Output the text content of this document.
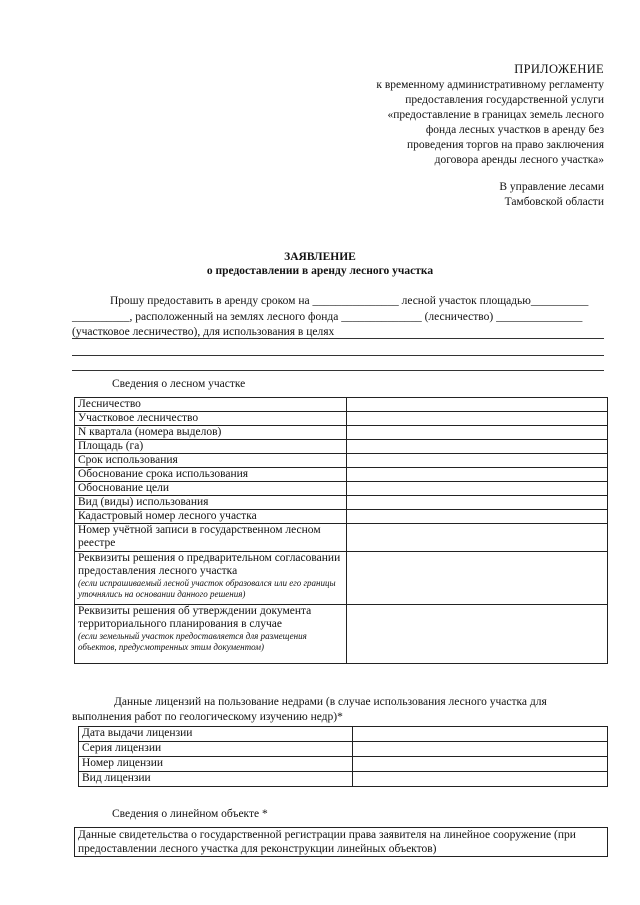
ПРИЛОЖЕНИЕ
к временному административному регламенту
предоставления государственной услуги
«предоставление в границах земель лесного
фонда лесных участков в аренду без
проведения торгов на право заключения
договора аренды лесного участка»
В управление лесами
Тамбовской области
ЗАЯВЛЕНИЕ
о предоставлении в аренду лесного участка
Прошу предоставить в аренду сроком на _______________ лесной участок площадью__________
__________, расположенный на землях лесного фонда ______________ (лесничество) _______________
(участковое лесничество), для использования в целях
Сведения о лесном участке
Лесничество	
Участковое лесничество	
N квартала (номера выделов)	
Площадь (га)	
Срок использования	
Обоснование срока использования	
Обоснование цели	
Вид (виды) использования	
Кадастровый номер лесного участка	
Номер учётной записи в государственном лесном реестре	

Реквизиты решения о предварительном согласовании предоставления лесного участка
(если испрашиваемый лесной участок образовался или его границы уточнялись на основании данного решения)	

Реквизиты решения об утверждении документа территориального планирования в случае
(если земельный участок предоставляется для размещения объектов, предусмотренных этим документом)	

Данные лицензий на пользование недрами (в случае использования лесного участка для
выполнения работ по геологическому изучению недр)*
Дата выдачи лицензии	
Серия лицензии	
Номер лицензии	
Вид лицензии	
Сведения о линейном объекте *
Данные свидетельства о государственной регистрации права заявителя на линейное сооружение (при предоставлении лесного участка для реконструкции линейных объектов)
